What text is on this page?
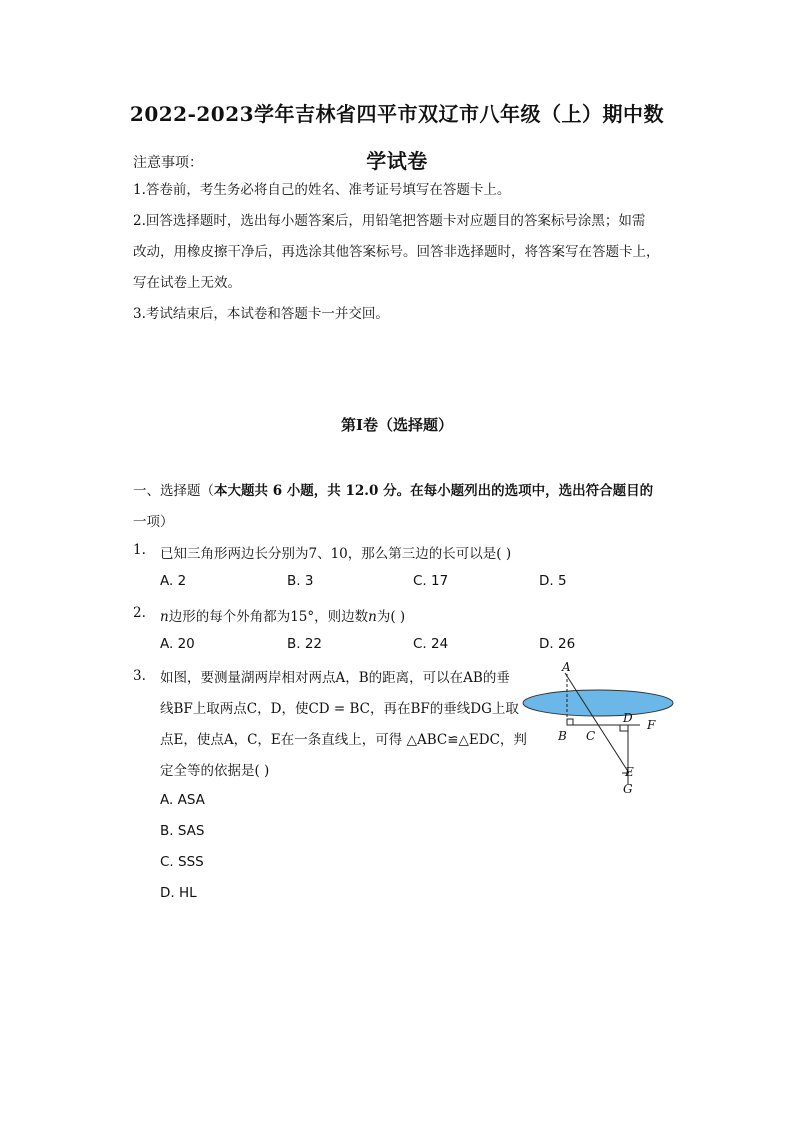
2022-2023学年吉林省四平市双辽市八年级（上）期中数
学试卷
注意事项：
1.答卷前，考生务必将自己的姓名、准考证号填写在答题卡上。
2.回答选择题时，选出每小题答案后，用铅笔把答题卡对应题目的答案标号涂黑；如需
改动，用橡皮擦干净后，再选涂其他答案标号。回答非选择题时，将答案写在答题卡上，
写在试卷上无效。
3.考试结束后，本试卷和答题卡一并交回。
第I卷（选择题）
一、选择题（本大题共 6 小题，共 12.0 分。在每小题列出的选项中，选出符合题目的
一项）
1. 已知三角形两边长分别为7、10，那么第三边的长可以是( )
A. 2	B. 3	C. 17	D. 5
2. n边形的每个外角都为15°，则边数n为( )
A. 20	B. 22	C. 24	D. 26
3. 如图，要测量湖两岸相对两点A，B的距离，可以在AB的垂
线BF上取两点C，D，使CD = BC，再在BF的垂线DG上取
点E，使点A，C，E在一条直线上，可得 △ABC≌△EDC，判
定全等的依据是( )
A. ASA
B. SAS
C. SSS
D. HL
A
B C
D F
E
G
